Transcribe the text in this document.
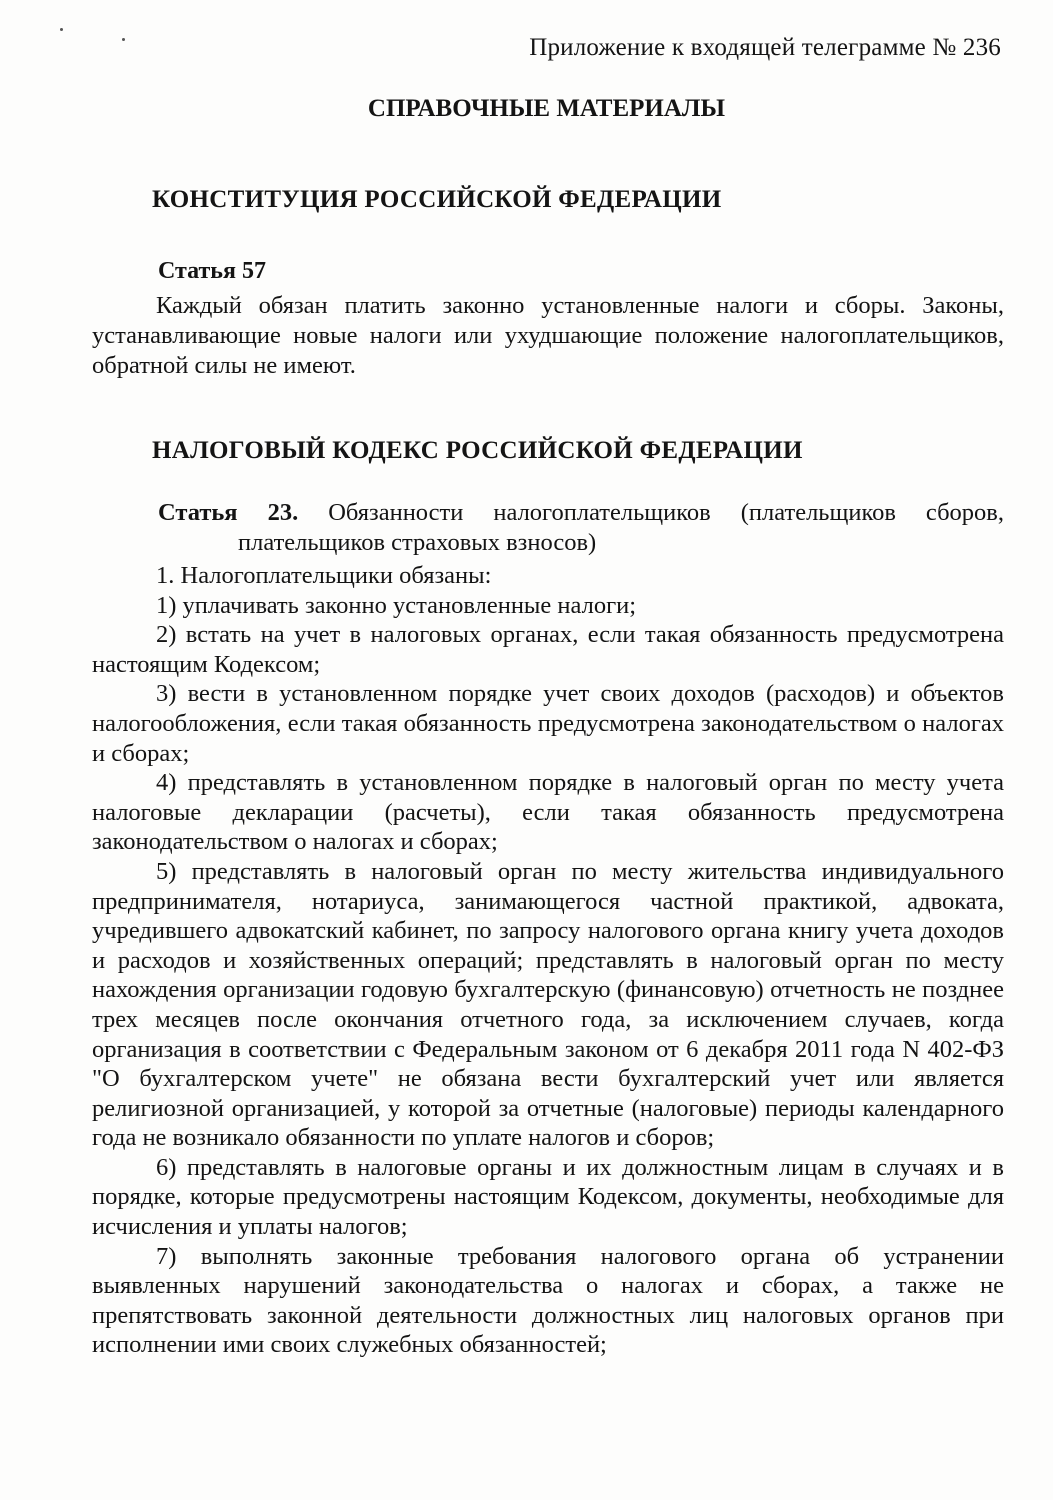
Приложение к входящей телеграмме № 236
СПРАВОЧНЫЕ МАТЕРИАЛЫ
КОНСТИТУЦИЯ РОССИЙСКОЙ ФЕДЕРАЦИИ
Статья 57

Каждый обязан платить законно установленные налоги и сборы. Законы, устанавливающие новые налоги или ухудшающие положение налогоплательщиков, обратной силы не имеют.

НАЛОГОВЫЙ КОДЕКС РОССИЙСКОЙ ФЕДЕРАЦИИ
Статья 23. Обязанности налогоплательщиков (плательщиков сборов,
плательщиков страховых взносов)

1. Налогоплательщики обязаны:

1) уплачивать законно установленные налоги;

2) встать на учет в налоговых органах, если такая обязанность предусмотрена настоящим Кодексом;

3) вести в установленном порядке учет своих доходов (расходов) и объектов налогообложения, если такая обязанность предусмотрена законодательством о налогах и сборах;

4) представлять в установленном порядке в налоговый орган по месту учета налоговые декларации (расчеты), если такая обязанность предусмотрена законодательством о налогах и сборах;

5) представлять в налоговый орган по месту жительства индивидуального предпринимателя, нотариуса, занимающегося частной практикой, адвоката, учредившего адвокатский кабинет, по запросу налогового органа книгу учета доходов и расходов и хозяйственных операций; представлять в налоговый орган по месту нахождения организации годовую бухгалтерскую (финансовую) отчетность не позднее трех месяцев после окончания отчетного года, за исключением случаев, когда организация в соответствии с Федеральным законом от 6 декабря 2011 года N 402-ФЗ "О бухгалтерском учете" не обязана вести бухгалтерский учет или является религиозной организацией, у которой за отчетные (налоговые) периоды календарного года не возникало обязанности по уплате налогов и сборов;

6) представлять в налоговые органы и их должностным лицам в случаях и в порядке, которые предусмотрены настоящим Кодексом, документы, необходимые для исчисления и уплаты налогов;

7) выполнять законные требования налогового органа об устранении выявленных нарушений законодательства о налогах и сборах, а также не препятствовать законной деятельности должностных лиц налоговых органов при исполнении ими своих служебных обязанностей;
